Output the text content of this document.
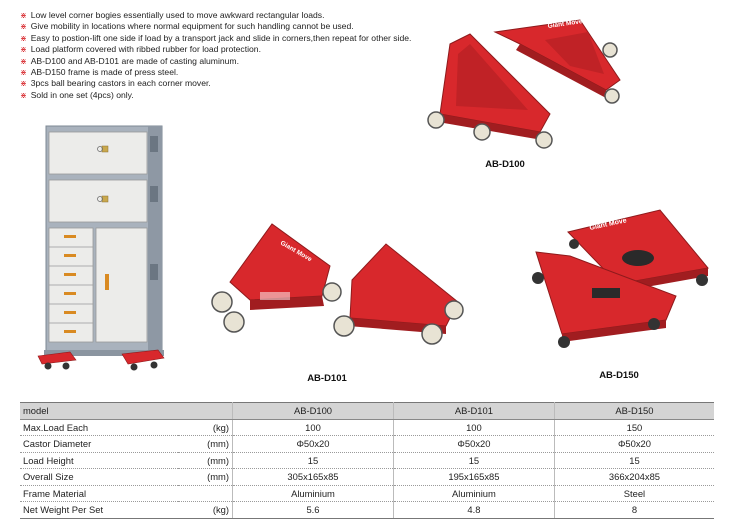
⋇ Low level corner bogies essentially used to move awkward rectangular loads.
⋇ Give mobility in locations where normal equipment for such handling cannot be used.
⋇ Easy to postion-lift one side if load by a transport jack and slide in corners,then repeat for other side.
⋇ Load platform covered with ribbed rubber for load protection.
⋇ AB-D100 and AB-D101 are made of casting aluminum.
⋇ AB-D150 frame is made of press steel.
⋇ 3pcs ball bearing castors in each corner mover.
⋇ Sold in one set (4pcs) only.
Giant Move
AB-D100
Giant Move
AB-D101
Giant Move
AB-D150
model		AB-D100	AB-D101	AB-D150
Max.Load Each	(kg)	100	100	150
Castor Diameter	(mm)	Φ50x20	Φ50x20	Φ50x20
Load Height	(mm)	15	15	15
Overall Size	(mm)	305x165x85	195x165x85	366x204x85
Frame Material		Aluminium	Aluminium	Steel
Net Weight Per Set	(kg)	5.6	4.8	8
